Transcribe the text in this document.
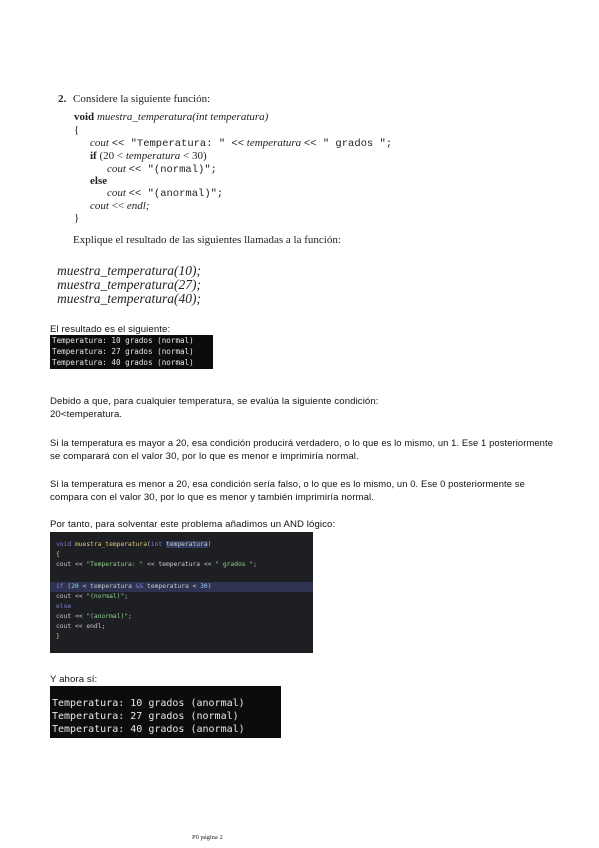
2. Considere la siguiente función:
void muestra_temperatura(int temperatura)
{
cout << "Temperatura: " << temperatura << " grados ";
if (20 < temperatura < 30)
cout << "(normal)";
else
cout << "(anormal)";
cout << endl;
}
Explique el resultado de las siguientes llamadas a la función:
muestra_temperatura(10);
muestra_temperatura(27);
muestra_temperatura(40);
El resultado es el siguiente:
Temperatura: 10 grados (normal)
Temperatura: 27 grados (normal)
Temperatura: 40 grados (normal)
Debido a que, para cualquier temperatura, se evalúa la siguiente condición:
20<temperatura.
Si la temperatura es mayor a 20, esa condición producirá verdadero, o lo que es lo mismo, un 1. Ese 1 posteriormente
se comparará con el valor 30, por lo que es menor e imprimiría normal.
Si la temperatura es menor a 20, esa condición sería falso, o lo que es lo mismo, un 0. Ese 0 posteriormente se
compara con el valor 30, por lo que es menor y también imprimiría normal.
Por tanto, para solventar este problema añadimos un AND lógico:
void muestra_temperatura(int temperatura)
{
cout << "Temperatura: " << temperatura << " grados ";
if (20 < temperatura && temperatura < 30)
cout << "(normal)";
else
cout << "(anormal)";
cout << endl;
}
Y ahora sí:
Temperatura: 10 grados (anormal)
Temperatura: 27 grados (normal)
Temperatura: 40 grados (anormal)
P0 página 2
